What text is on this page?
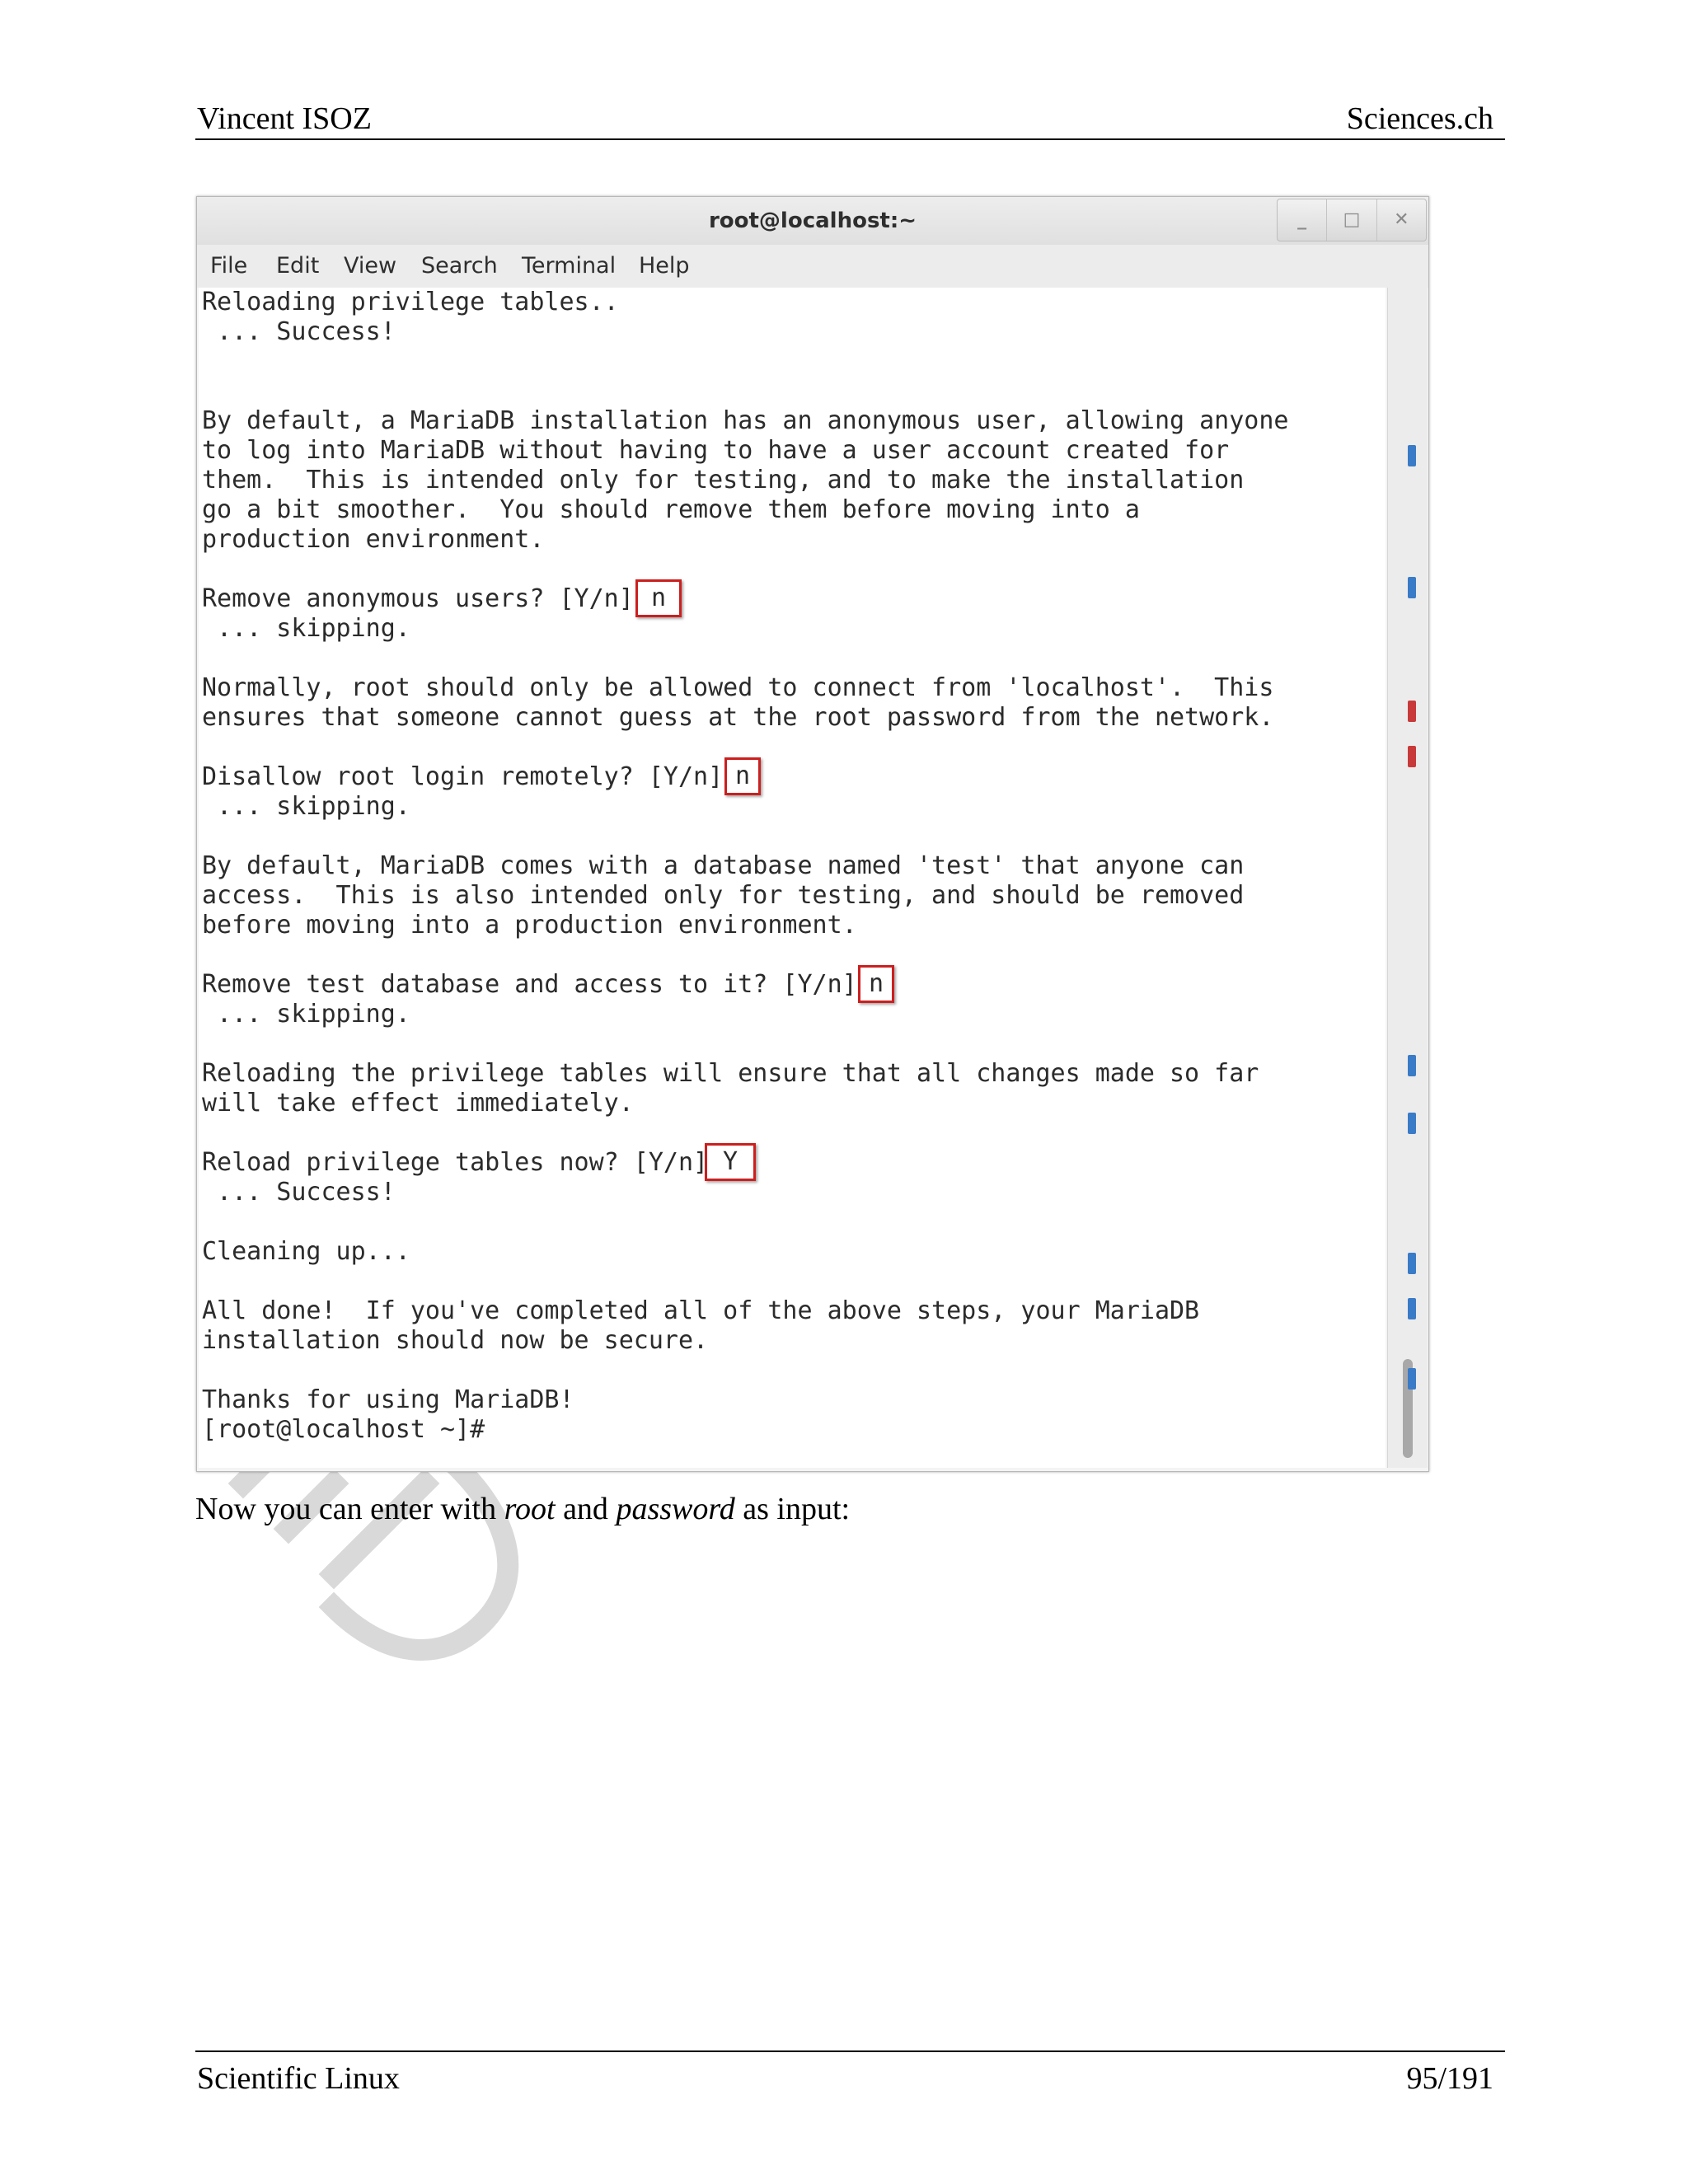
Vincent ISOZ	Sciences.ch
root@localhost:~	_	□	✕
File Edit View Search Terminal Help
Reloading privilege tables..
... Success!
By default, a MariaDB installation has an anonymous user, allowing anyone
to log into MariaDB without having to have a user account created for
them.  This is intended only for testing, and to make the installation
go a bit smoother.  You should remove them before moving into a
production environment.
Remove anonymous users? [Y/n]
... skipping.
Normally, root should only be allowed to connect from 'localhost'.  This
ensures that someone cannot guess at the root password from the network.
Disallow root login remotely? [Y/n]
... skipping.
By default, MariaDB comes with a database named 'test' that anyone can
access.  This is also intended only for testing, and should be removed
before moving into a production environment.
Remove test database and access to it? [Y/n]
... skipping.
Reloading the privilege tables will ensure that all changes made so far
will take effect immediately.
Reload privilege tables now? [Y/n]
... Success!
Cleaning up...
All done!  If you've completed all of the above steps, your MariaDB
installation should now be secure.
Thanks for using MariaDB!
[root@localhost ~]#
n
n
n
Y
Now you can enter with root and password as input:
Scientific Linux	95/191
